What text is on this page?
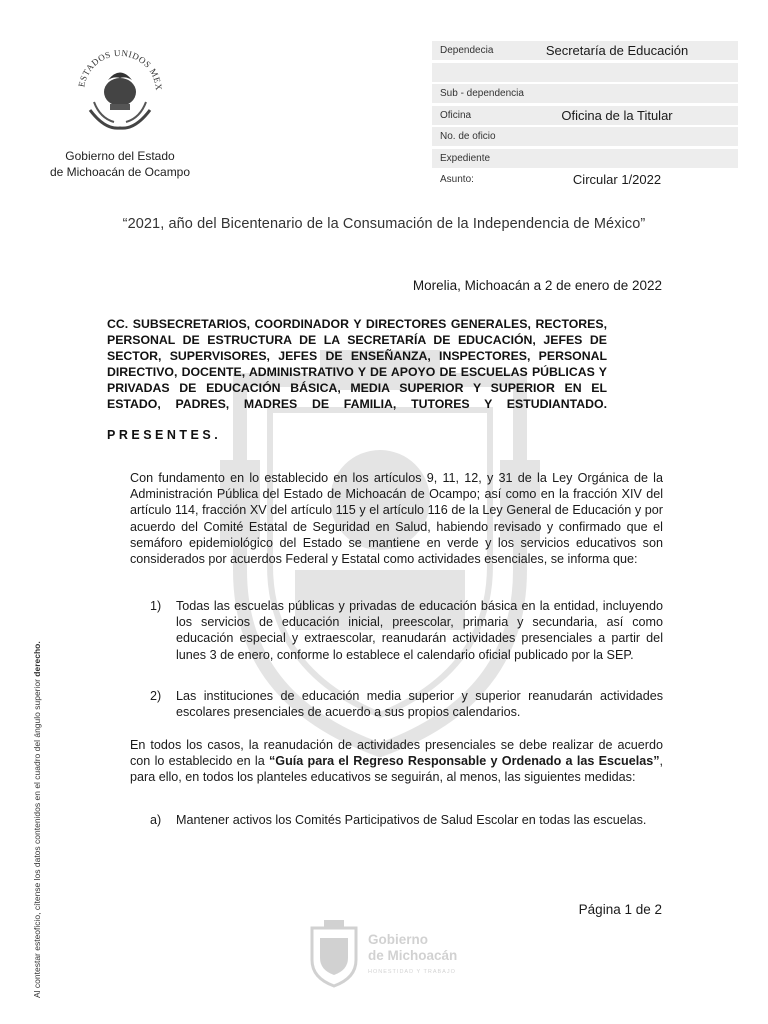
ESTADOS UNIDOS MEX
Gobierno del Estado
de Michoacán de Ocampo
Dependecia	Secretaría de Educación
Sub - dependencia
Oficina	Oficina de la Titular
No. de oficio
Expediente
Asunto:	Circular 1/2022
“2021, año del Bicentenario de la Consumación de la Independencia de México”
Morelia, Michoacán a 2 de enero de 2022
CC. SUBSECRETARIOS, COORDINADOR Y DIRECTORES GENERALES, RECTORES, PERSONAL DE ESTRUCTURA DE LA SECRETARÍA DE EDUCACIÓN, JEFES DE SECTOR, SUPERVISORES, JEFES DE ENSEÑANZA, INSPECTORES, PERSONAL DIRECTIVO, DOCENTE, ADMINISTRATIVO Y DE APOYO DE ESCUELAS PÚBLICAS Y PRIVADAS DE EDUCACIÓN BÁSICA, MEDIA SUPERIOR Y SUPERIOR EN EL ESTADO, PADRES, MADRES DE FAMILIA, TUTORES Y ESTUDIANTADO.
PRESENTES.
Con fundamento en lo establecido en los artículos 9, 11, 12, y 31 de la Ley Orgánica de la Administración Pública del Estado de Michoacán de Ocampo; así como en la fracción XIV del artículo 114, fracción XV del artículo 115 y el artículo 116 de la Ley General de Educación y por acuerdo del Comité Estatal de Seguridad en Salud, habiendo revisado y confirmado que el semáforo epidemiológico del Estado se mantiene en verde y los servicios educativos son considerados por acuerdos Federal y Estatal como actividades esenciales, se informa que:
1)	Todas las escuelas públicas y privadas de educación básica en la entidad, incluyendo los servicios de educación inicial, preescolar, primaria y secundaria, así como educación especial y extraescolar, reanudarán actividades presenciales a partir del lunes 3 de enero, conforme lo establece el calendario oficial publicado por la SEP.
2)	Las instituciones de educación media superior y superior reanudarán actividades escolares presenciales de acuerdo a sus propios calendarios.
En todos los casos, la reanudación de actividades presenciales se debe realizar de acuerdo con lo establecido en la “Guía para el Regreso Responsable y Ordenado a las Escuelas”, para ello, en todos los planteles educativos se seguirán, al menos, las siguientes medidas:
a)	Mantener activos los Comités Participativos de Salud Escolar en todas las escuelas.
Página 1 de 2
Gobierno
de Michoacán
HONESTIDAD Y TRABAJO
Al contestar esteoficio, cítense los datos contenidos en el cuadro del ángulo superior derecho.
